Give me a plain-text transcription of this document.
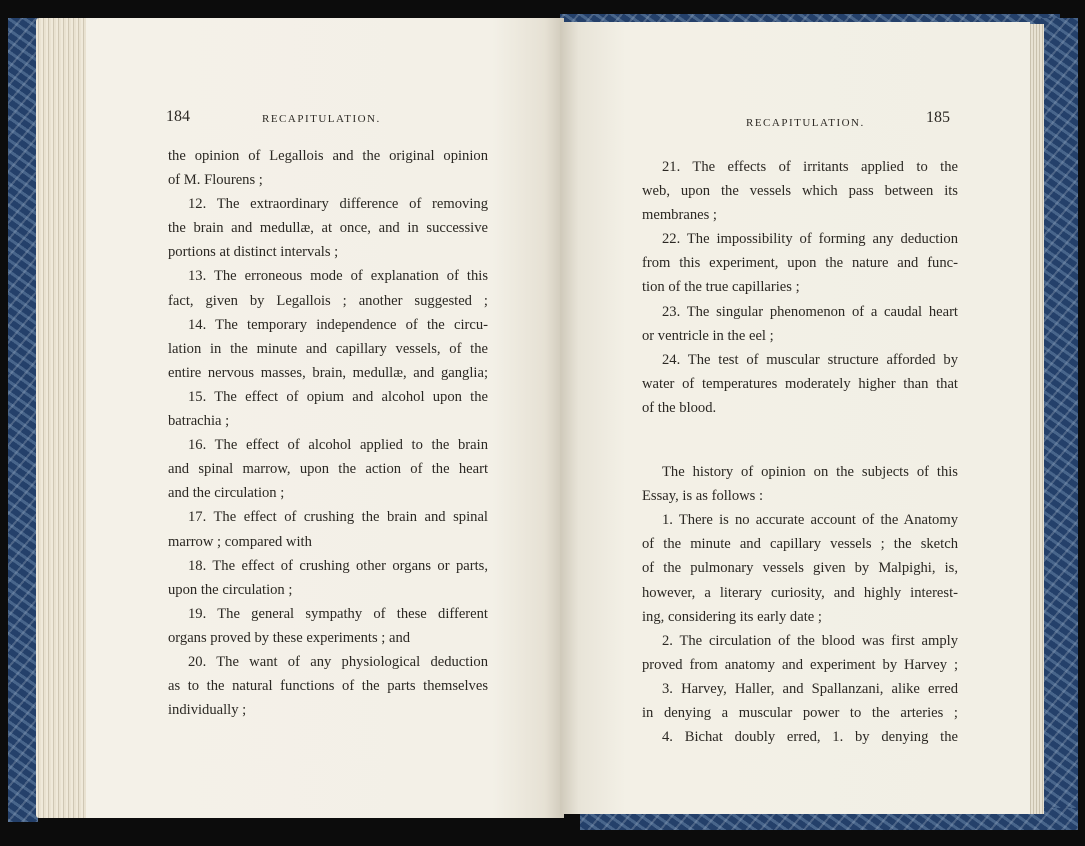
184	RECAPITULATION.
the opinion of Legallois and the original opinion
of M. Flourens ;
12. The extraordinary difference of removing
the brain and medullæ, at once, and in successive
portions at distinct intervals ;
13. The erroneous mode of explanation of this
fact, given by Legallois ; another suggested ;
14. The temporary independence of the circu-
lation in the minute and capillary vessels, of the
entire nervous masses, brain, medullæ, and ganglia;
15. The effect of opium and alcohol upon the
batrachia ;
16. The effect of alcohol applied to the brain
and spinal marrow, upon the action of the heart
and the circulation ;
17. The effect of crushing the brain and spinal
marrow ; compared with
18. The effect of crushing other organs or parts,
upon the circulation ;
19. The general sympathy of these different
organs proved by these experiments ; and
20. The want of any physiological deduction
as to the natural functions of the parts themselves
individually ;
RECAPITULATION.	185
21. The effects of irritants applied to the
web, upon the vessels which pass between its
membranes ;
22. The impossibility of forming any deduction
from this experiment, upon the nature and func-
tion of the true capillaries ;
23. The singular phenomenon of a caudal heart
or ventricle in the eel ;
24. The test of muscular structure afforded by
water of temperatures moderately higher than that
of the blood.
The history of opinion on the subjects of this
Essay, is as follows :
1. There is no accurate account of the Anatomy
of the minute and capillary vessels ; the sketch
of the pulmonary vessels given by Malpighi, is,
however, a literary curiosity, and highly interest-
ing, considering its early date ;
2. The circulation of the blood was first amply
proved from anatomy and experiment by Harvey ;
3. Harvey, Haller, and Spallanzani, alike erred
in denying a muscular power to the arteries ;
4. Bichat doubly erred, 1. by denying the
